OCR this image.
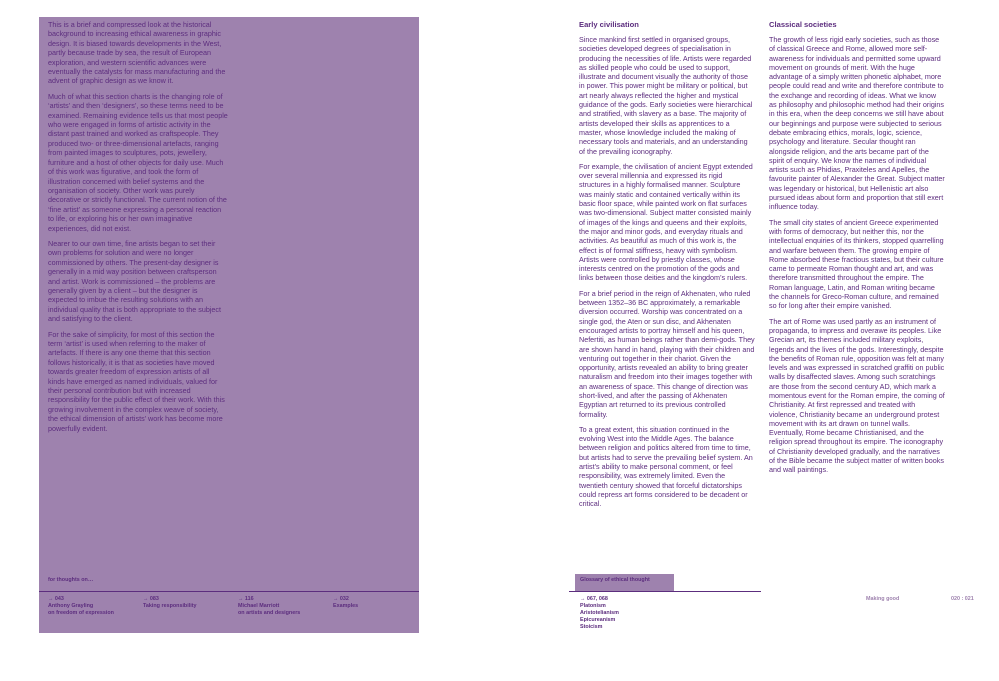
This is a brief and compressed look at the historical background to increasing ethical awareness in graphic design. It is biased towards developments in the West, partly because trade by sea, the result of European exploration, and western scientific advances were eventually the catalysts for mass manufacturing and the advent of graphic design as we know it.

Much of what this section charts is the changing role of ‘artists’ and then ‘designers’, so these terms need to be examined. Remaining evidence tells us that most people who were engaged in forms of artistic activity in the distant past trained and worked as craftspeople. They produced two- or three-dimensional artefacts, ranging from painted images to sculptures, pots, jewellery, furniture and a host of other objects for daily use. Much of this work was figurative, and took the form of illustration concerned with belief systems and the organisation of society. Other work was purely decorative or strictly functional. The current notion of the ‘fine artist’ as someone expressing a personal reaction to life, or exploring his or her own imaginative experiences, did not exist.

Nearer to our own time, fine artists began to set their own problems for solution and were no longer commissioned by others. The present-day designer is generally in a mid way position between craftsperson and artist. Work is commissioned – the problems are generally given by a client – but the designer is expected to imbue the resulting solutions with an individual quality that is both appropriate to the subject and satisfying to the client.

For the sake of simplicity, for most of this section the term ‘artist’ is used when referring to the maker of artefacts. If there is any one theme that this section follows historically, it is that as societies have moved towards greater freedom of expression artists of all kinds have emerged as named individuals, valued for their personal contribution but with increased responsibility for the public effect of their work. With this growing involvement in the complex weave of society, the ethical dimension of artists’ work has become more powerfully evident.

Early civilisation

Since mankind first settled in organised groups, societies developed degrees of specialisation in producing the necessities of life. Artists were regarded as skilled people who could be used to support, illustrate and document visually the authority of those in power. This power might be military or political, but art nearly always reflected the higher and mystical guidance of the gods. Early societies were hierarchical and stratified, with slavery as a base. The majority of artists developed their skills as apprentices to a master, whose knowledge included the making of necessary tools and materials, and an understanding of the prevailing iconography.

For example, the civilisation of ancient Egypt extended over several millennia and expressed its rigid structures in a highly formalised manner. Sculpture was mainly static and contained vertically within its basic floor space, while painted work on flat surfaces was two-dimensional. Subject matter consisted mainly of images of the kings and queens and their exploits, the major and minor gods, and everyday rituals and activities. As beautiful as much of this work is, the effect is of formal stiffness, heavy with symbolism. Artists were controlled by priestly classes, whose interests centred on the promotion of the gods and links between those deities and the kingdom’s rulers.

For a brief period in the reign of Akhenaten, who ruled between 1352–36 BC approximately, a remarkable diversion occurred. Worship was concentrated on a single god, the Aten or sun disc, and Akhenaten encouraged artists to portray himself and his queen, Nefertiti, as human beings rather than demi-gods. They are shown hand in hand, playing with their children and venturing out together in their chariot. Given the opportunity, artists revealed an ability to bring greater naturalism and freedom into their images together with an awareness of space. This change of direction was short-lived, and after the passing of Akhenaten Egyptian art returned to its previous controlled formality.

To a great extent, this situation continued in the evolving West into the Middle Ages. The balance between religion and politics altered from time to time, but artists had to serve the prevailing belief system. An artist’s ability to make personal comment, or feel responsibility, was extremely limited. Even the twentieth century showed that forceful dictatorships could repress art forms considered to be decadent or critical.

Classical societies

The growth of less rigid early societies, such as those of classical Greece and Rome, allowed more self-awareness for individuals and permitted some upward movement on grounds of merit. With the huge advantage of a simply written phonetic alphabet, more people could read and write and therefore contribute to the exchange and recording of ideas. What we know as philosophy and philosophic method had their origins in this era, when the deep concerns we still have about our beginnings and purpose were subjected to serious debate embracing ethics, morals, logic, science, psychology and literature. Secular thought ran alongside religion, and the arts became part of the spirit of enquiry. We know the names of individual artists such as Phidias, Praxiteles and Apelles, the favourite painter of Alexander the Great. Subject matter was legendary or historical, but Hellenistic art also pursued ideas about form and proportion that still exert influence today.

The small city states of ancient Greece experimented with forms of democracy, but neither this, nor the intellectual enquiries of its thinkers, stopped quarrelling and warfare between them. The growing empire of Rome absorbed these fractious states, but their culture came to permeate Roman thought and art, and was therefore transmitted throughout the empire. The Roman language, Latin, and Roman writing became the channels for Greco-Roman culture, and remained so for long after their empire vanished.

The art of Rome was used partly as an instrument of propaganda, to impress and overawe its peoples. Like Grecian art, its themes included military exploits, legends and the lives of the gods. Interestingly, despite the benefits of Roman rule, opposition was felt at many levels and was expressed in scratched graffiti on public walls by disaffected slaves. Among such scratchings are those from the second century AD, which mark a momentous event for the Roman empire, the coming of Christianity. At first repressed and treated with violence, Christianity became an underground protest movement with its art drawn on tunnel walls. Eventually, Rome became Christianised, and the religion spread throughout its empire. The iconography of Christianity developed gradually, and the narratives of the Bible became the subject matter of written books and wall paintings.

for thoughts on…	Glossary of ethical thought
→ 043
Anthony Grayling
on freedom of expression
→ 083
Taking responsibility
→ 116
Michael Marriott
on artists and designers
→ 032
Examples
→ 067, 068
Platonism
Aristotelianism
Epicureanism
Stoicism
Making good	020 : 021
